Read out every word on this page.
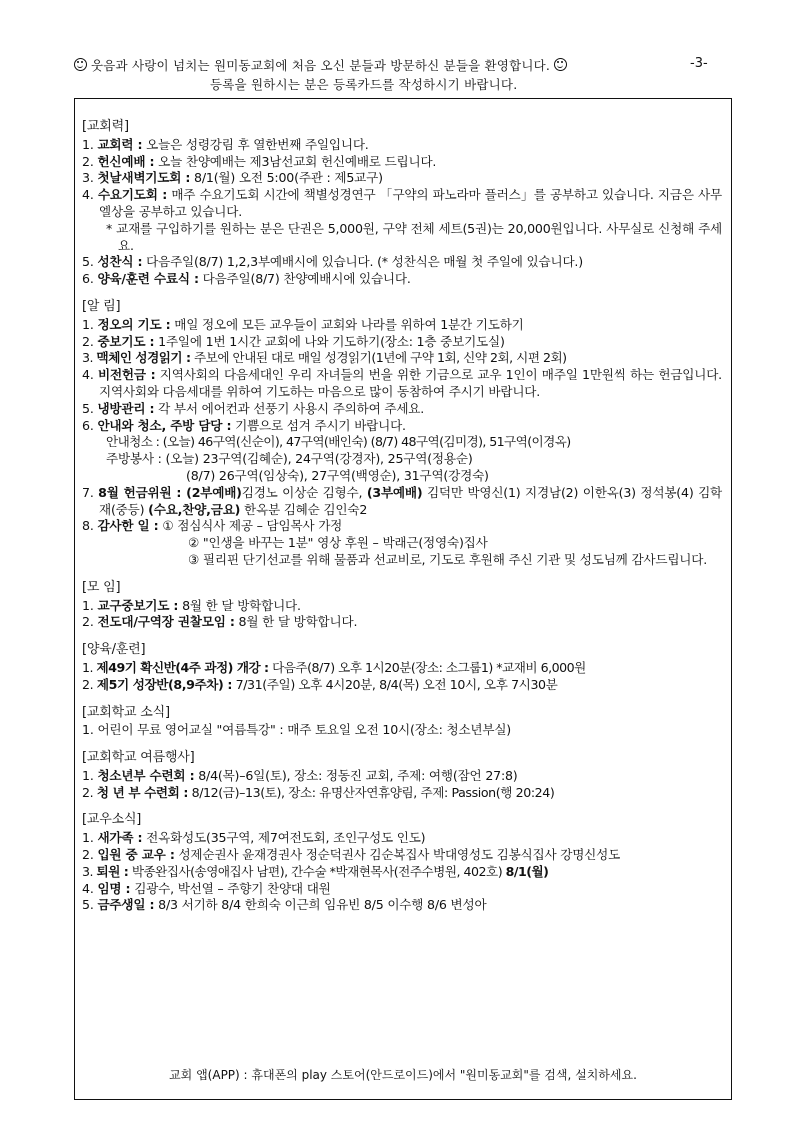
웃음과 사랑이 넘치는 원미동교회에 처음 오신 분들과 방문하신 분들을 환영합니다.	-3-
등록을 원하시는 분은 등록카드를 작성하시기 바랍니다.
[교회력]
1. 교회력 : 오늘은 성령강림 후 열한번째 주일입니다.
2. 헌신예배 : 오늘 찬양예배는 제3남선교회 헌신예배로 드립니다.
3. 첫날새벽기도회 : 8/1(월) 오전 5:00(주관 : 제5교구)
4. 수요기도회 : 매주 수요기도회 시간에 책별성경연구 「구약의 파노라마 플러스」를 공부하고 있습니다. 지금은 사무엘상을 공부하고 있습니다.
* 교재를 구입하기를 원하는 분은 단권은 5,000원, 구약 전체 세트(5권)는 20,000원입니다. 사무실로 신청해 주세요.
5. 성찬식 : 다음주일(8/7) 1,2,3부예배시에 있습니다. (* 성찬식은 매월 첫 주일에 있습니다.)
6. 양육/훈련 수료식 : 다음주일(8/7) 찬양예배시에 있습니다.
[알 림]
1. 정오의 기도 : 매일 정오에 모든 교우들이 교회와 나라를 위하여 1분간 기도하기
2. 중보기도 : 1주일에 1번 1시간 교회에 나와 기도하기(장소: 1층 중보기도실)
3. 맥체인 성경읽기 : 주보에 안내된 대로 매일 성경읽기(1년에 구약 1회, 신약 2회, 시편 2회)
4. 비전헌금 : 지역사회의 다음세대인 우리 자녀들의 번을 위한 기금으로 교우 1인이 매주일 1만원씩 하는 헌금입니다. 지역사회와 다음세대를 위하여 기도하는 마음으로 많이 동참하여 주시기 바랍니다.
5. 냉방관리 : 각 부서 에어컨과 선풍기 사용시 주의하여 주세요.
6. 안내와 청소, 주방 담당 : 기쁨으로 섬겨 주시기 바랍니다.
안내청소 : (오늘) 46구역(신순이), 47구역(배인숙) (8/7) 48구역(김미경), 51구역(이경옥)
주방봉사 : (오늘) 23구역(김혜순), 24구역(강경자), 25구역(정용순)
(8/7) 26구역(임상숙), 27구역(백영순), 31구역(강경숙)
7. 8월 헌금위원 : (2부예배)김경노 이상순 김형수, (3부예배) 김덕만 박영신(1) 지경남(2) 이한옥(3) 정석봉(4) 김학재(중등) (수요,찬양,금요) 한옥분 김혜순 김인숙2
8. 감사한 일 : ① 점심식사 제공 – 담임목사 가정
② "인생을 바꾸는 1분" 영상 후원 – 박래근(정영숙)집사
③ 필리핀 단기선교를 위해 물품과 선교비로, 기도로 후원해 주신 기관 및 성도님께 감사드립니다.
[모 임]
1. 교구중보기도 : 8월 한 달 방학합니다.
2. 전도대/구역장 권찰모임 : 8월 한 달 방학합니다.
[양육/훈련]
1. 제49기 확신반(4주 과정) 개강 : 다음주(8/7) 오후 1시20분(장소: 소그룹1) *교재비 6,000원
2. 제5기 성장반(8,9주차) : 7/31(주일) 오후 4시20분, 8/4(목) 오전 10시, 오후 7시30분
[교회학교 소식]
1. 어린이 무료 영어교실 "여름특강" : 매주 토요일 오전 10시(장소: 청소년부실)
[교회학교 여름행사]
1. 청소년부 수련회 : 8/4(목)–6일(토), 장소: 정동진 교회, 주제: 여행(잠언 27:8)
2. 청 년 부 수련회 : 8/12(금)–13(토), 장소: 유명산자연휴양림, 주제: Passion(행 20:24)
[교우소식]
1. 새가족 : 전옥화성도(35구역, 제7여전도회, 조인구성도 인도)
2. 입원 중 교우 : 성제순권사 윤재경권사 정순덕권사 김순복집사 박대영성도 김봉식집사 강명신성도
3. 퇴원 : 박종완집사(송영애집사 남편), 간수술 *박재현목사(전주수병원, 402호) 8/1(월)
4. 임명 : 김광수, 박선열 – 주향기 찬양대 대원
5. 금주생일 : 8/3 서기하 8/4 한희숙 이근희 임유빈 8/5 이수행 8/6 변성아
교회 앱(APP) : 휴대폰의 play 스토어(안드로이드)에서 "원미동교회"를 검색, 설치하세요.
